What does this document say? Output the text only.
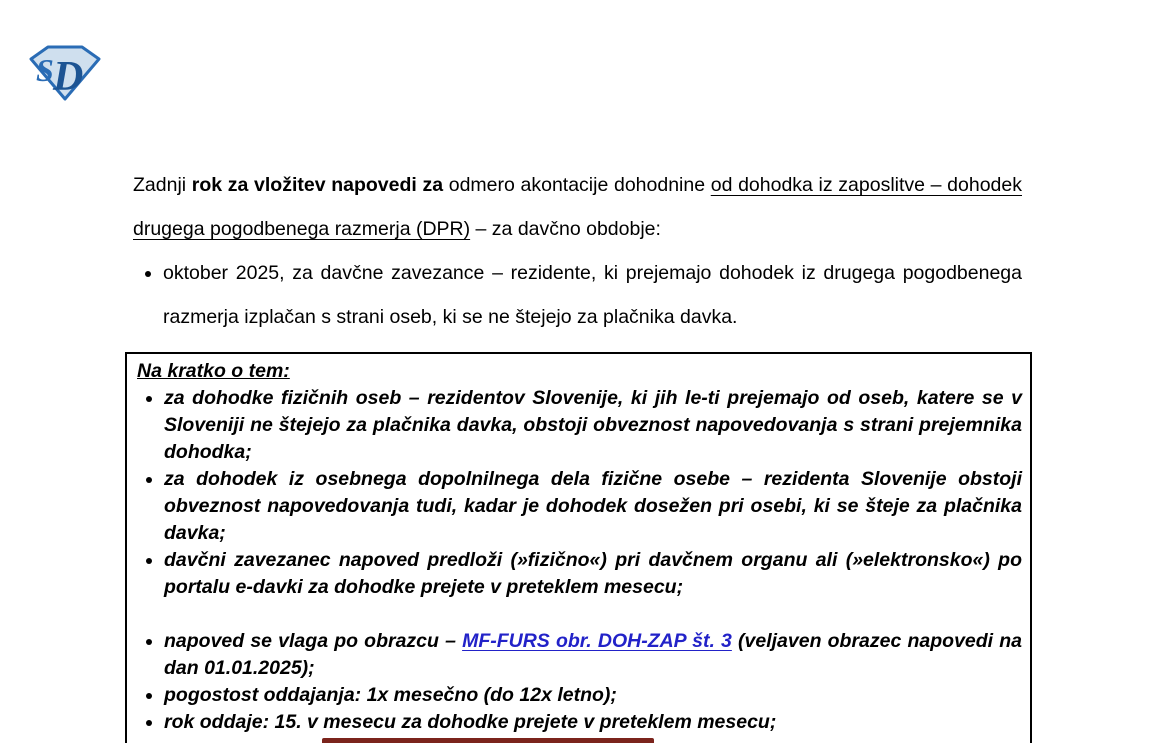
S D

Zadnji rok za vložitev napovedi za odmero akontacije dohodnine od dohodka iz zaposlitve – dohodek drugega pogodbenega razmerja (DPR) – za davčno obdobje:

• oktober 2025, za davčne zavezance – rezidente, ki prejemajo dohodek iz drugega pogodbenega razmerja izplačan s strani oseb, ki se ne štejejo za plačnika davka.
Na kratko o tem:
• za dohodke fizičnih oseb – rezidentov Slovenije, ki jih le-ti prejemajo od oseb, katere se v Sloveniji ne štejejo za plačnika davka, obstoji obveznost napovedovanja s strani prejemnika dohodka;
• za dohodek iz osebnega dopolnilnega dela fizične osebe – rezidenta Slovenije obstoji obveznost napovedovanja tudi, kadar je dohodek dosežen pri osebi, ki se šteje za plačnika davka;
• davčni zavezanec napoved predloži (»fizično«) pri davčnem organu ali (»elektronsko«) po portalu e-davki za dohodke prejete v preteklem mesecu;
• napoved se vlaga po obrazcu – MF-FURS obr. DOH-ZAP št. 3 (veljaven obrazec napovedi na dan 01.01.2025);
• pogostost oddajanja: 1x mesečno (do 12x letno);
• rok oddaje: 15. v mesecu za dohodke prejete v preteklem mesecu;
